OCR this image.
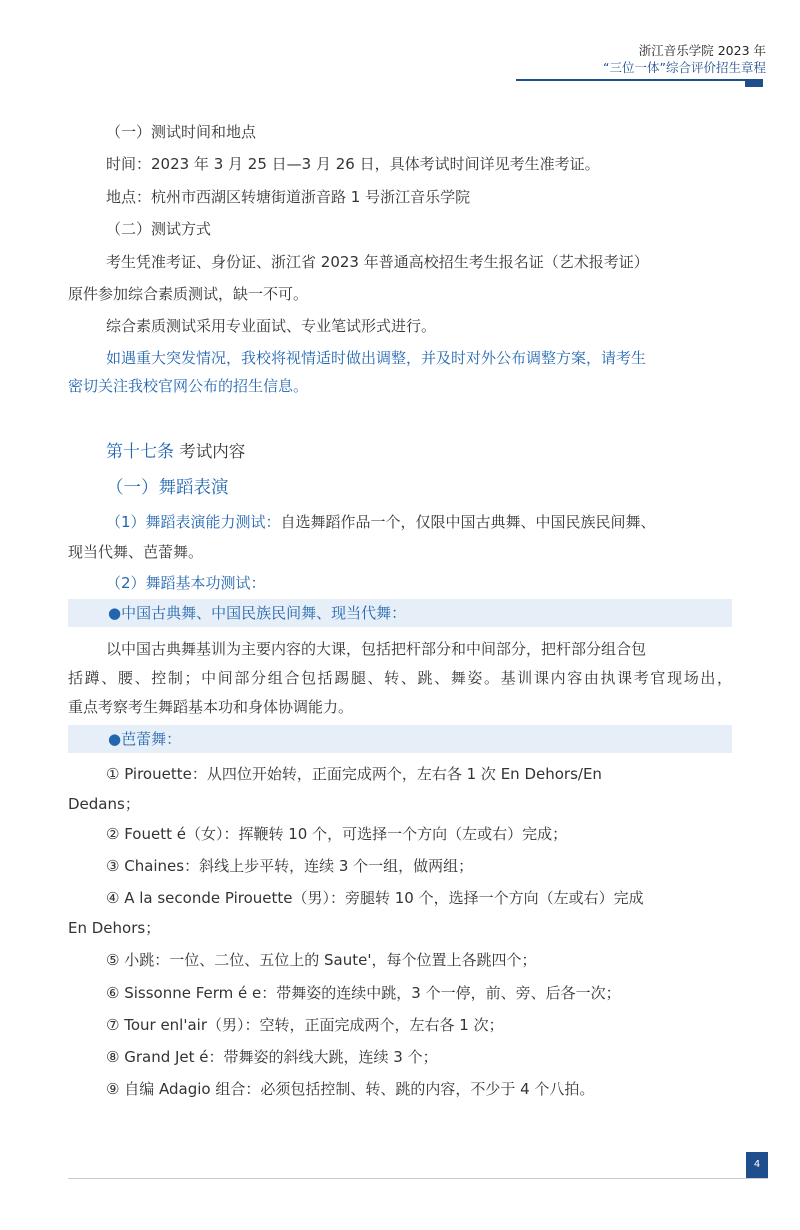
浙江音乐学院 2023 年
“三位一体”综合评价招生章程
（一）测试时间和地点
时间：2023 年 3 月 25 日—3 月 26 日，具体考试时间详见考生准考证。
地点：杭州市西湖区转塘街道浙音路 1 号浙江音乐学院
（二）测试方式
考生凭准考证、身份证、浙江省 2023 年普通高校招生考生报名证（艺术报考证）
原件参加综合素质测试，缺一不可。
综合素质测试采用专业面试、专业笔试形式进行。
如遇重大突发情况，我校将视情适时做出调整，并及时对外公布调整方案，请考生
密切关注我校官网公布的招生信息。
第十七条 考试内容
（一）舞蹈表演
（1）舞蹈表演能力测试：自选舞蹈作品一个，仅限中国古典舞、中国民族民间舞、
现当代舞、芭蕾舞。
（2）舞蹈基本功测试：
●中国古典舞、中国民族民间舞、现当代舞：
以中国古典舞基训为主要内容的大课，包括把杆部分和中间部分，把杆部分组合包
括蹲、腰、控制；中间部分组合包括踢腿、转、跳、舞姿。基训课内容由执课考官现场出，
重点考察考生舞蹈基本功和身体协调能力。
●芭蕾舞：
① Pirouette：从四位开始转，正面完成两个，左右各 1 次 En Dehors/En
Dedans；
② Fouett é（女）：挥鞭转 10 个，可选择一个方向（左或右）完成；
③ Chaines：斜线上步平转，连续 3 个一组，做两组；
④ A la seconde Pirouette（男）：旁腿转 10 个，选择一个方向（左或右）完成
En Dehors；
⑤ 小跳：一位、二位、五位上的 Saute'，每个位置上各跳四个；
⑥ Sissonne Ferm é e：带舞姿的连续中跳，3 个一停，前、旁、后各一次；
⑦ Tour enl'air（男）：空转，正面完成两个，左右各 1 次；
⑧ Grand Jet é：带舞姿的斜线大跳，连续 3 个；
⑨ 自编 Adagio 组合：必须包括控制、转、跳的内容，不少于 4 个八拍。
4
